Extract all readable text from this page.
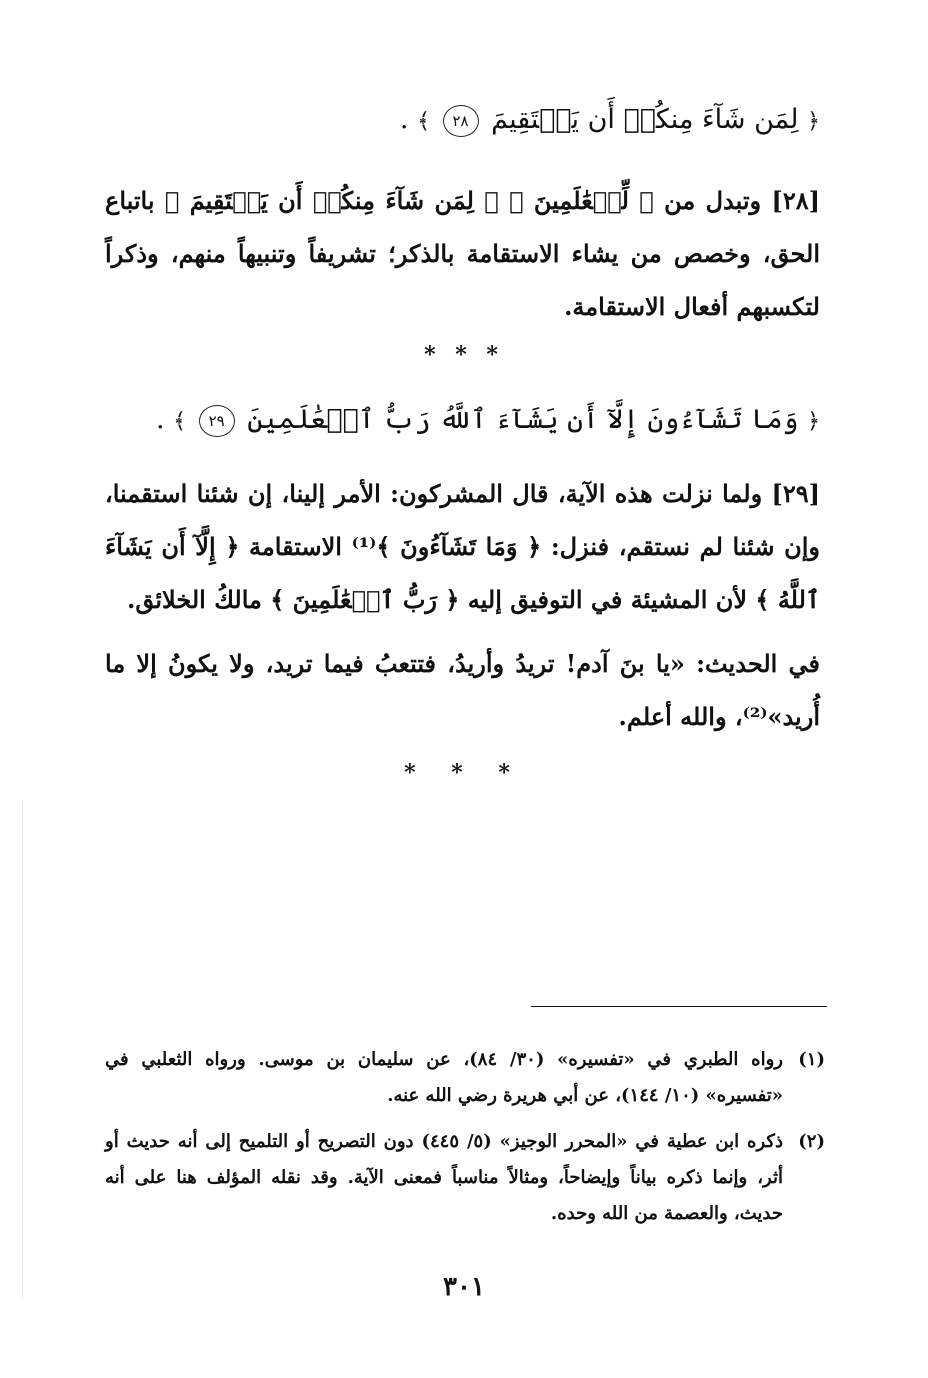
﴿ لِمَن شَآءَ مِنكُمۡ أَن يَسۡتَقِيمَ ٢٨ ﴾ .

[٢٨] وتبدل من ﴿ لِّلۡعَٰلَمِينَ ﴾ ﴿ لِمَن شَآءَ مِنكُمۡ أَن يَسۡتَقِيمَ ﴾ باتباع الحق، وخصص من يشاء الاستقامة بالذكر؛ تشريفاً وتنبيهاً منهم، وذكراً لتكسبهم أفعال الاستقامة.

* * *
﴿ وَمَا تَشَآءُونَ إِلَّآ أَن يَشَآءَ ٱللَّهُ رَبُّ ٱلۡعَٰلَمِينَ ٢٩ ﴾ .

[٢٩] ولما نزلت هذه الآية، قال المشركون: الأمر إلينا، إن شئنا استقمنا، وإن شئنا لم نستقم، فنزل: ﴿ وَمَا تَشَآءُونَ ﴾⁽¹⁾ الاستقامة ﴿ إِلَّآ أَن يَشَآءَ ٱللَّهُ ﴾ لأن المشيئة في التوفيق إليه ﴿ رَبُّ ٱلۡعَٰلَمِينَ ﴾ مالكُ الخلائق.

في الحديث: «يا بنَ آدم! تريدُ وأريدُ، فتتعبُ فيما تريد، ولا يكونُ إلا ما أُريد»⁽²⁾، والله أعلم.

* * *
(١)
رواه الطبري في «تفسيره» (٣٠/ ٨٤)، عن سليمان بن موسى. ورواه الثعلبي في «تفسيره» (١٠/ ١٤٤)، عن أبي هريرة رضي الله عنه.
(٢)
ذكره ابن عطية في «المحرر الوجيز» (٥/ ٤٤٥) دون التصريح أو التلميح إلى أنه حديث أو أثر، وإنما ذكره بياناً وإيضاحاً، ومثالاً مناسباً فمعنى الآية. وقد نقله المؤلف هنا على أنه حديث، والعصمة من الله وحده.
٣٠١
